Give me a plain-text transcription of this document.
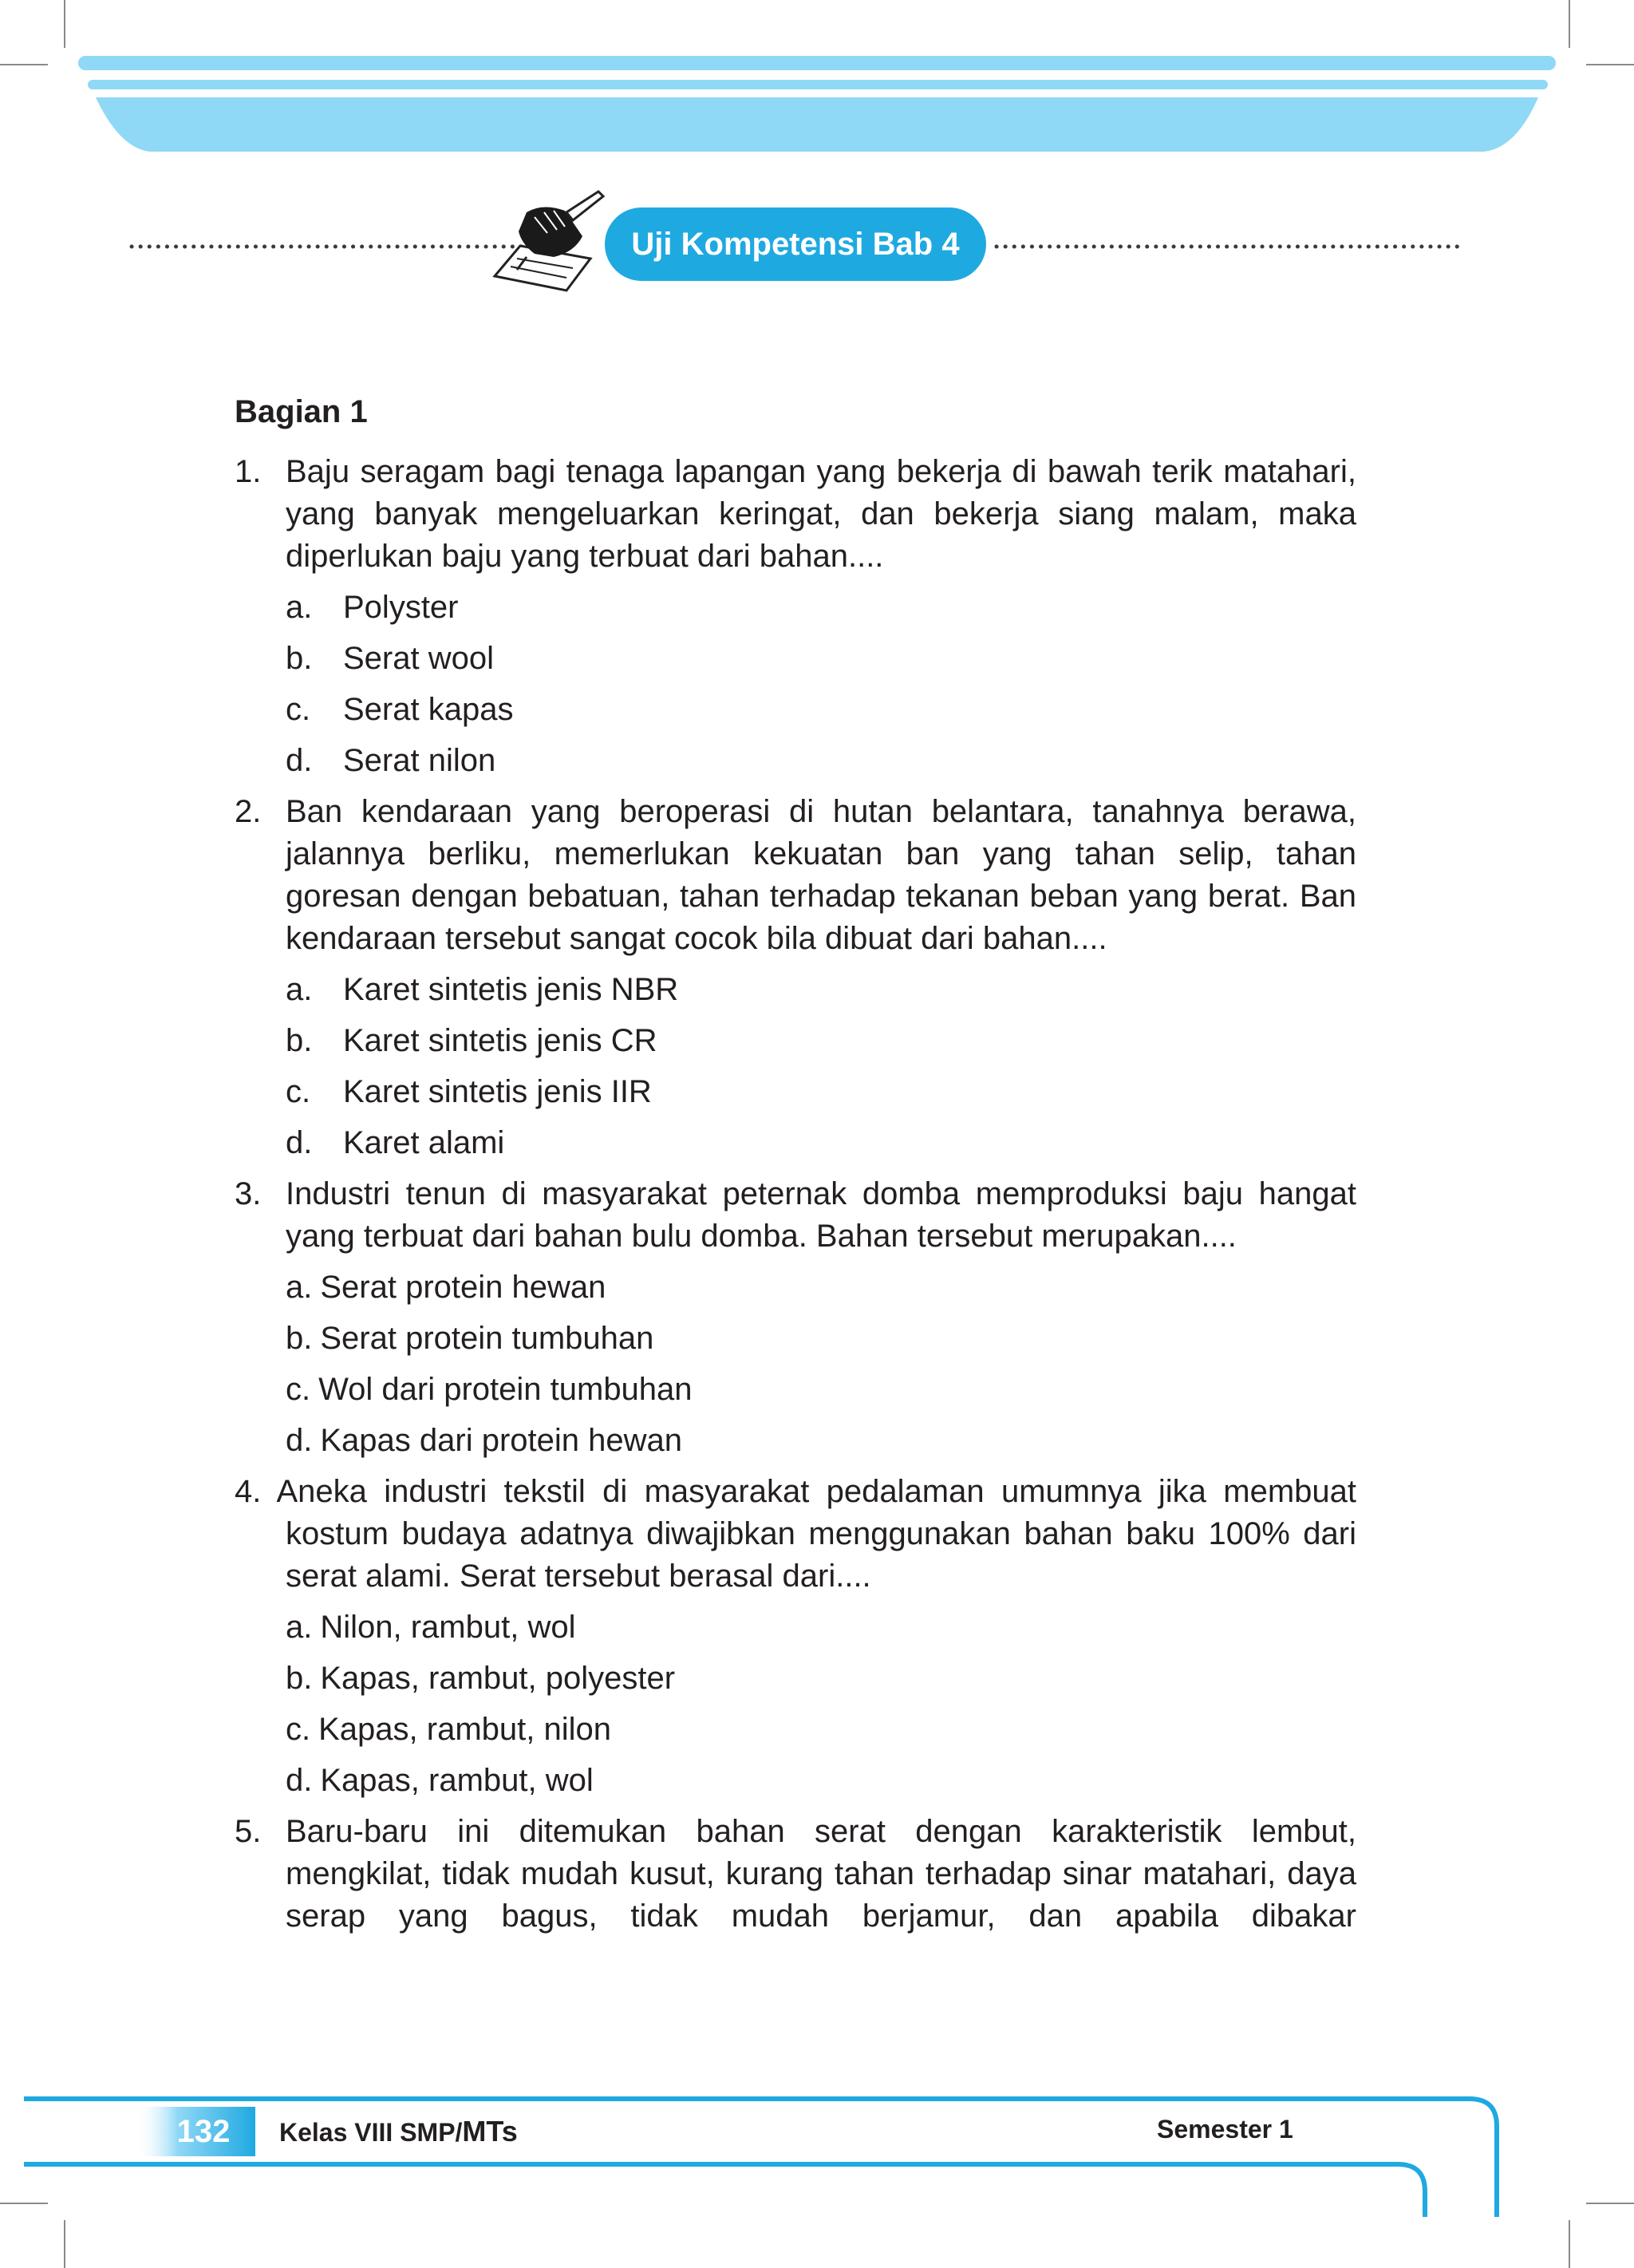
Uji Kompetensi Bab 4
Bagian 1
1. Baju seragam bagi tenaga lapangan yang bekerja di bawah terik matahari, yang banyak mengeluarkan keringat, dan bekerja siang malam, maka diperlukan baju yang terbuat dari bahan....
a. Polyster
b. Serat wool
c.	Serat kapas
d. Serat nilon
2. Ban kendaraan yang beroperasi di hutan belantara, tanahnya berawa, jalannya berliku, memerlukan kekuatan ban yang tahan selip, tahan goresan dengan bebatuan, tahan terhadap tekanan beban yang berat. Ban kendaraan tersebut sangat cocok bila dibuat dari bahan....
a. Karet sintetis jenis NBR
b. Karet sintetis jenis CR
c.	Karet sintetis jenis IIR
d. Karet alami
3. Industri tenun di masyarakat peternak domba memproduksi baju hangat yang terbuat dari bahan bulu domba. Bahan tersebut merupakan....
a. Serat protein hewan
b. Serat protein tumbuhan
c. Wol dari protein tumbuhan
d. Kapas dari protein hewan
4. Aneka industri tekstil di masyarakat pedalaman umumnya jika membuat kostum budaya adatnya diwajibkan menggunakan bahan baku 100% dari serat alami. Serat tersebut berasal dari....
a. Nilon, rambut, wol
b. Kapas, rambut, polyester
c. Kapas, rambut, nilon
d. Kapas, rambut, wol
5. Baru-baru ini ditemukan bahan serat dengan karakteristik lembut, mengkilat, tidak mudah kusut, kurang tahan terhadap sinar matahari, daya serap yang bagus, tidak mudah berjamur, dan apabila dibakar
132	Kelas VIII SMP/MTs	Semester 1
